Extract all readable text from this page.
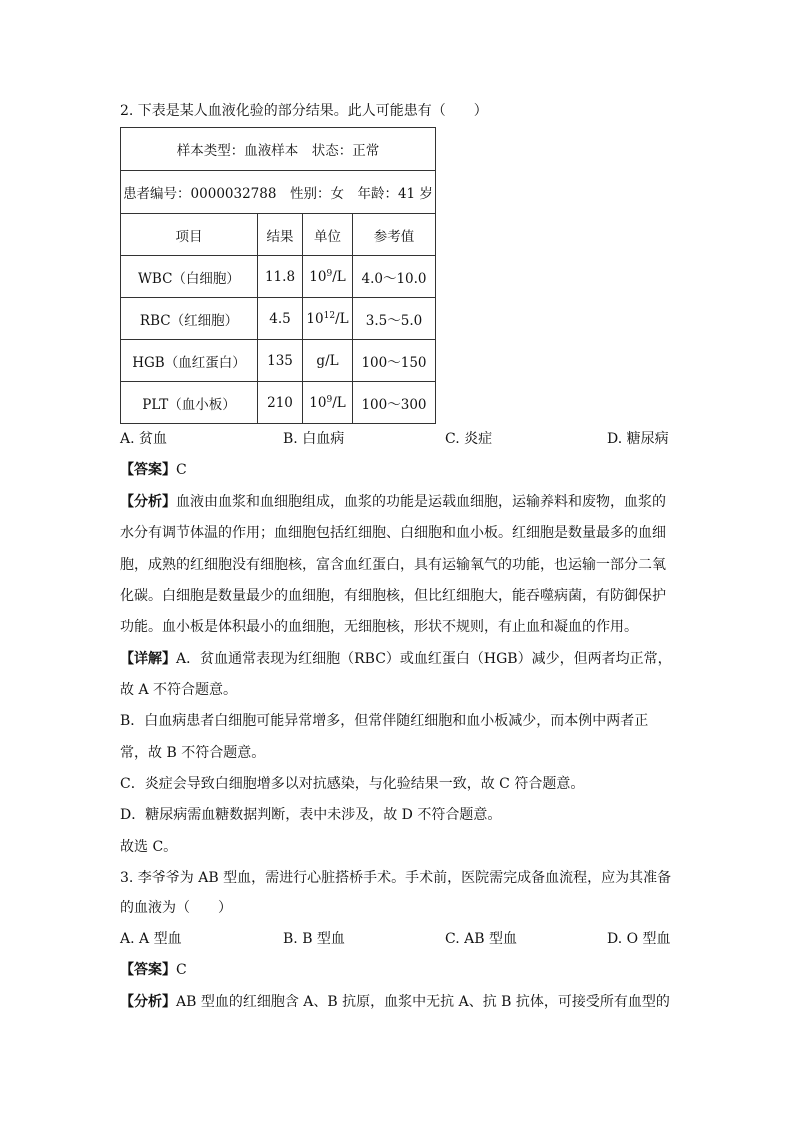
2. 下表是某人血液化验的部分结果。此人可能患有（　　）
样本类型：血液样本　状态：正常			
患者编号：0000032788　性别：女　年龄：41 岁			
项目	结果	单位	参考值
WBC（白细胞）	11.8	$10^9/L$	4.0～10.0
RBC（红细胞）	4.5	$10^{12}/L$	3.5～5.0
HGB（血红蛋白）	135	g/L	100～150
PLT（血小板）	210	$10^9/L$	100～300
A. 贫血	B. 白血病	C. 炎症	D. 糖尿病
【答案】C
【分析】血液由血浆和血细胞组成，血浆的功能是运载血细胞，运输养料和废物，血浆的
水分有调节体温的作用；血细胞包括红细胞、白细胞和血小板。红细胞是数量最多的血细
胞，成熟的红细胞没有细胞核，富含血红蛋白，具有运输氧气的功能，也运输一部分二氧
化碳。白细胞是数量最少的血细胞，有细胞核，但比红细胞大，能吞噬病菌，有防御保护
功能。血小板是体积最小的血细胞，无细胞核，形状不规则，有止血和凝血的作用。
【详解】A．贫血通常表现为红细胞（RBC）或血红蛋白（HGB）减少，但两者均正常，
故 A 不符合题意。
B．白血病患者白细胞可能异常增多，但常伴随红细胞和血小板减少，而本例中两者正
常，故 B 不符合题意。
C．炎症会导致白细胞增多以对抗感染，与化验结果一致，故 C 符合题意。
D．糖尿病需血糖数据判断，表中未涉及，故 D 不符合题意。
故选 C。
3. 李爷爷为 AB 型血，需进行心脏搭桥手术。手术前，医院需完成备血流程，应为其准备
的血液为（　　）
A. A 型血	B. B 型血	C. AB 型血	D. O 型血
【答案】C
【分析】AB 型血的红细胞含 A、B 抗原，血浆中无抗 A、抗 B 抗体，可接受所有血型的
